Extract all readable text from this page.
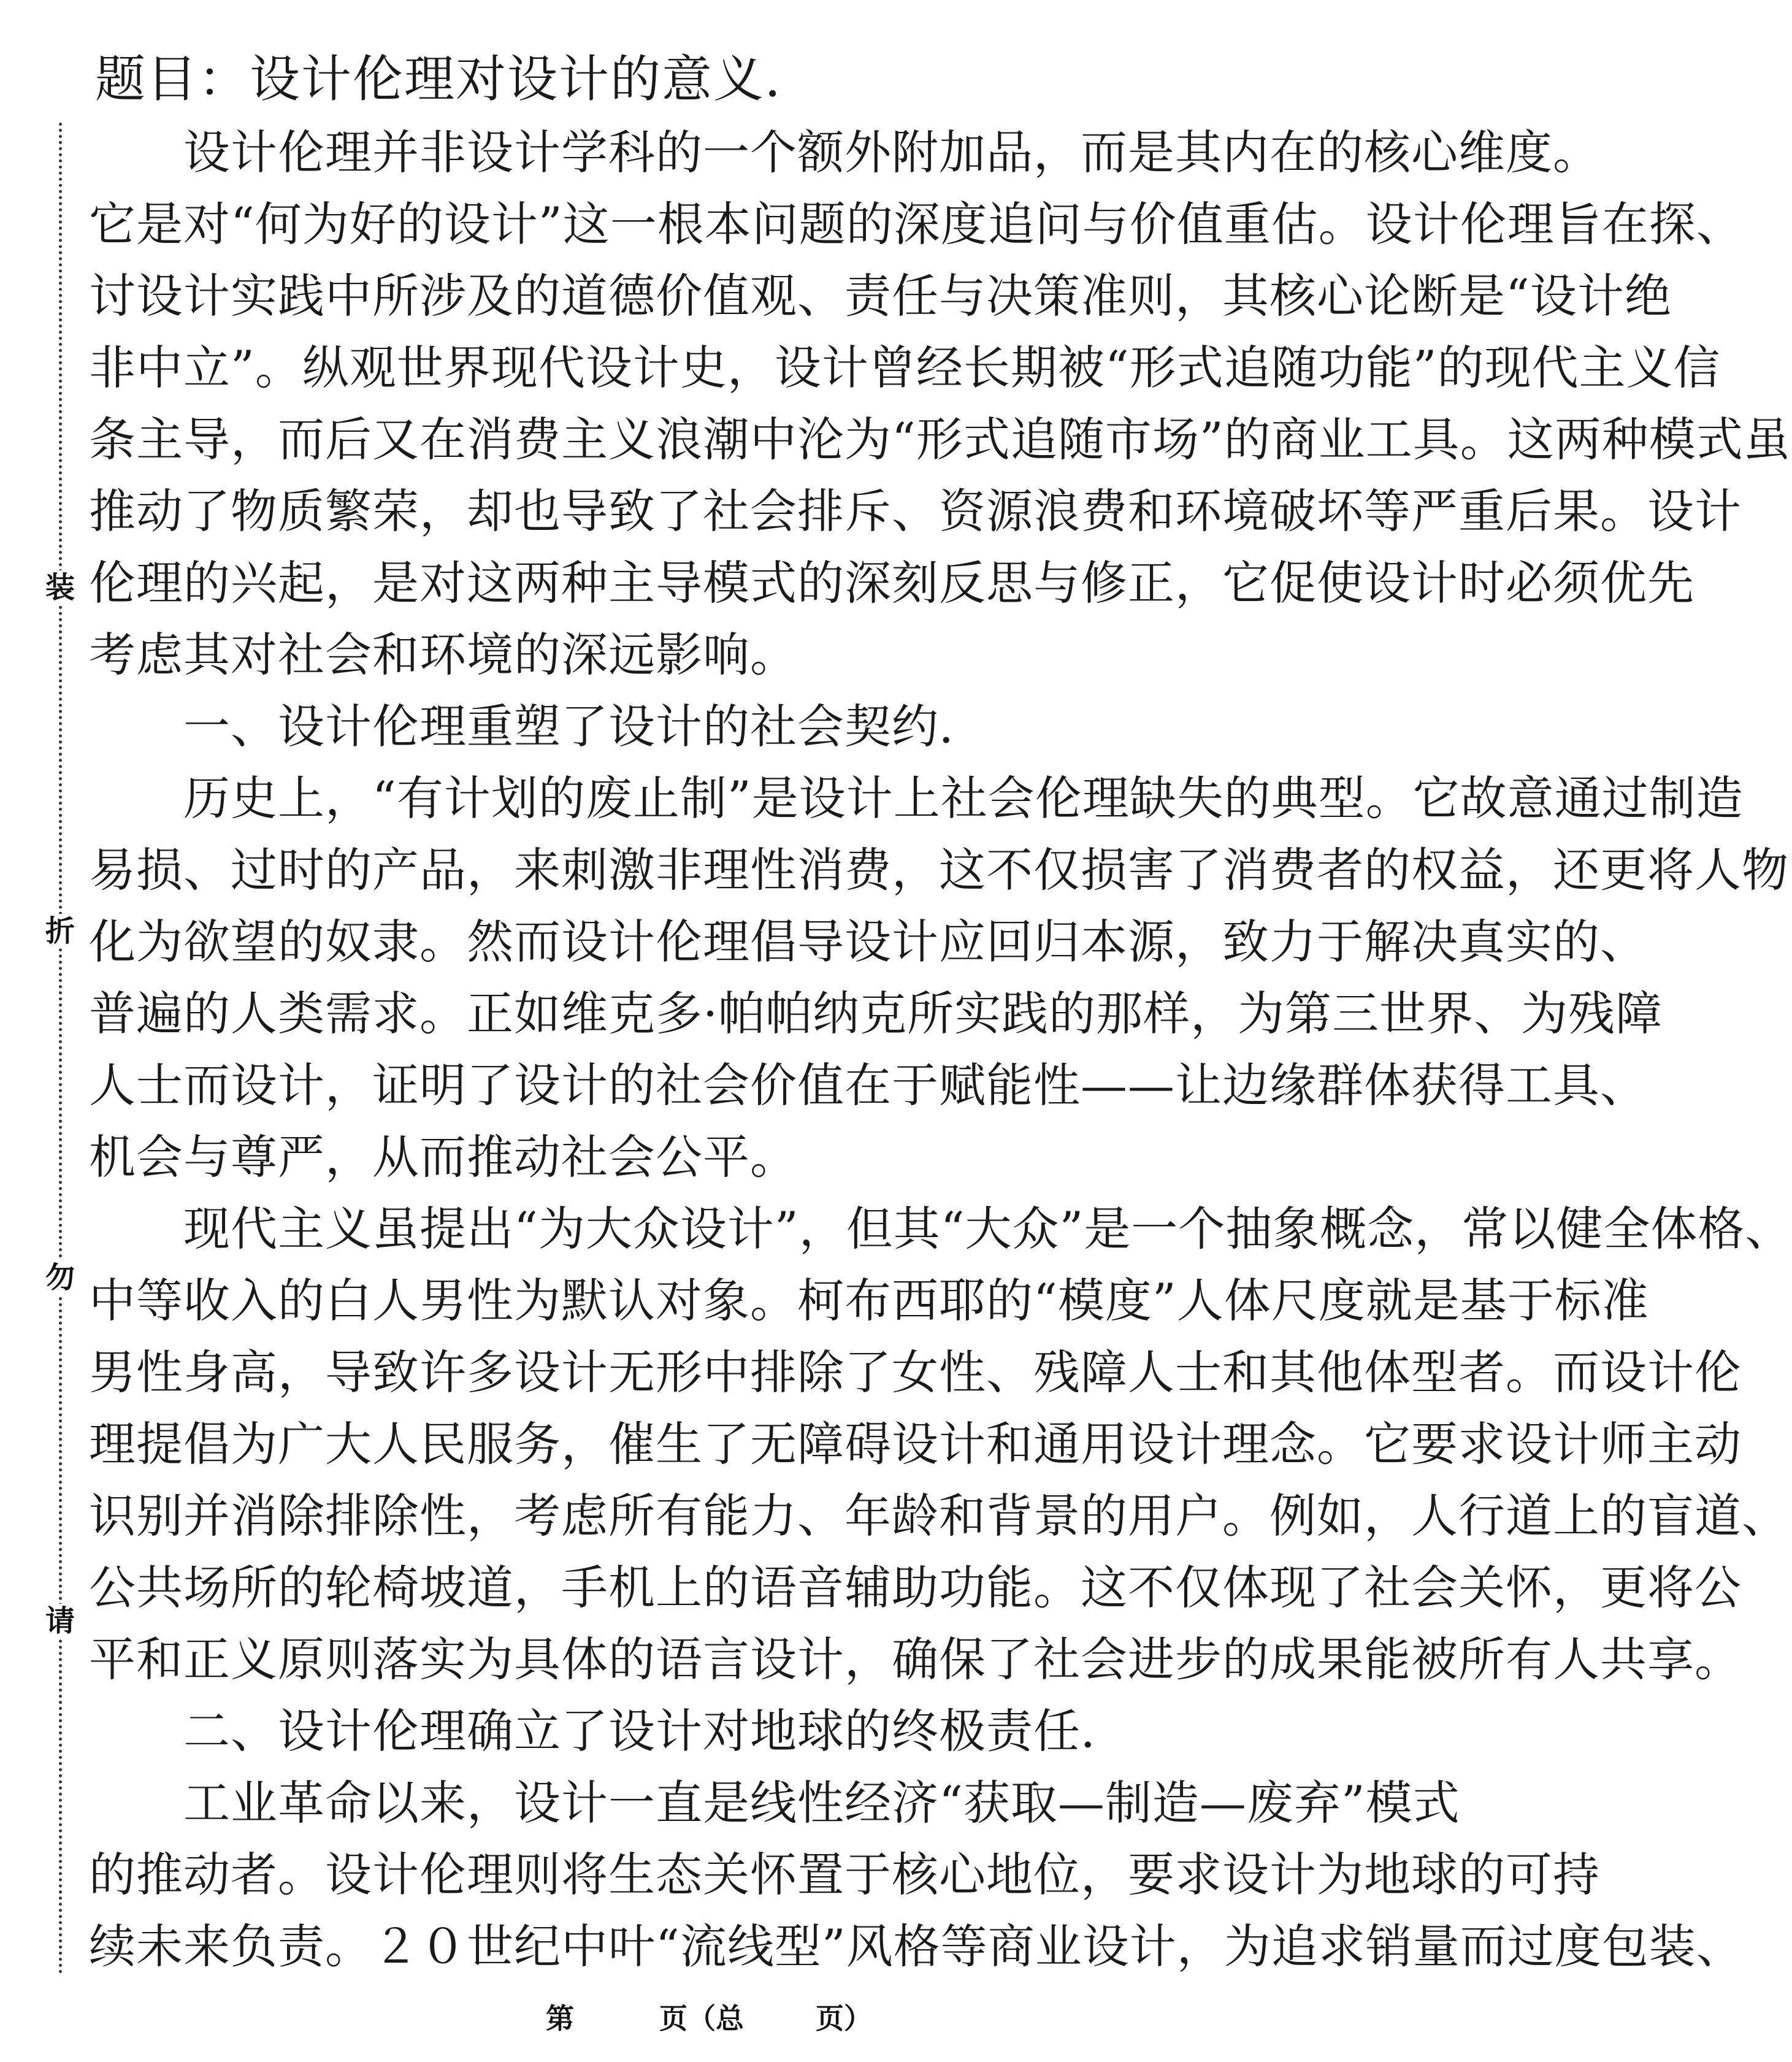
装
折
勿
请
题目：设计伦理对设计的意义．
　　设计伦理并非设计学科的一个额外附加品，而是其内在的核心维度。
它是对“何为好的设计”这一根本问题的深度追问与价值重估。设计伦理旨在探、
讨设计实践中所涉及的道德价值观、责任与决策准则，其核心论断是“设计绝
非中立”。纵观世界现代设计史，设计曾经长期被“形式追随功能”的现代主义信
条主导，而后又在消费主义浪潮中沦为“形式追随市场”的商业工具。这两种模式虽
推动了物质繁荣，却也导致了社会排斥、资源浪费和环境破坏等严重后果。设计
伦理的兴起，是对这两种主导模式的深刻反思与修正，它促使设计时必须优先
考虑其对社会和环境的深远影响。
　　一、设计伦理重塑了设计的社会契约．
　　历史上，“有计划的废止制”是设计上社会伦理缺失的典型。它故意通过制造
易损、过时的产品，来刺激非理性消费，这不仅损害了消费者的权益，还更将人物
化为欲望的奴隶。然而设计伦理倡导设计应回归本源，致力于解决真实的、
普遍的人类需求。正如维克多·帕帕纳克所实践的那样，为第三世界、为残障
人士而设计，证明了设计的社会价值在于赋能性——让边缘群体获得工具、
机会与尊严，从而推动社会公平。
　　现代主义虽提出“为大众设计”，但其“大众”是一个抽象概念，常以健全体格、
中等收入的白人男性为默认对象。柯布西耶的“模度”人体尺度就是基于标准
男性身高，导致许多设计无形中排除了女性、残障人士和其他体型者。而设计伦
理提倡为广大人民服务，催生了无障碍设计和通用设计理念。它要求设计师主动
识别并消除排除性，考虑所有能力、年龄和背景的用户。例如，人行道上的盲道、
公共场所的轮椅坡道，手机上的语音辅助功能。这不仅体现了社会关怀，更将公
平和正义原则落实为具体的语言设计，确保了社会进步的成果能被所有人共享。
　　二、设计伦理确立了设计对地球的终极责任．
　　工业革命以来，设计一直是线性经济“获取—制造—废弃”模式
的推动者。设计伦理则将生态关怀置于核心地位，要求设计为地球的可持
续未来负责。２０世纪中叶“流线型”风格等商业设计，为追求销量而过度包装、
第	页（总	页）
